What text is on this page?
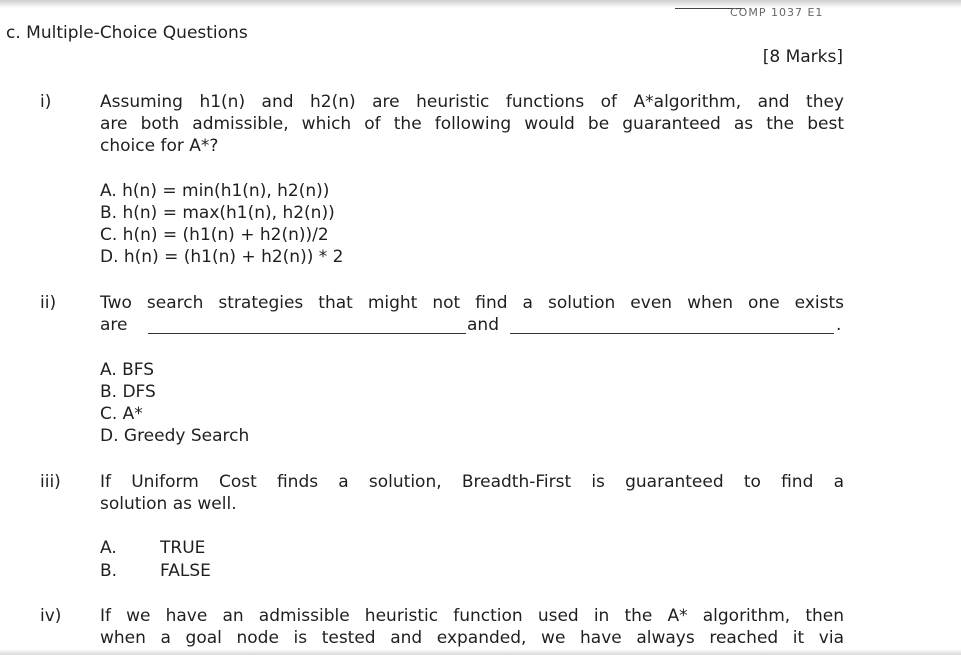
COMP 1037 E1
c. Multiple-Choice Questions
[8 Marks]
i)	Assuming h1(n) and h2(n) are heuristic functions of A*algorithm, and they
are both admissible, which of the following would be guaranteed as the best
choice for A*?
A. h(n) = min(h1(n), h2(n))
B. h(n) = max(h1(n), h2(n))
C. h(n) = (h1(n) + h2(n))/2
D. h(n) = (h1(n) + h2(n)) * 2
ii)	Two search strategies that might not find a solution even when one exists
are	and	.
A. BFS
B. DFS
C. A*
D. Greedy Search
iii) If Uniform Cost finds a solution, Breadth-First is guaranteed to find a
solution as well.
A.	TRUE
B.	FALSE
iv) If we have an admissible heuristic function used in the A* algorithm, then
when a goal node is tested and expanded, we have always reached it via
